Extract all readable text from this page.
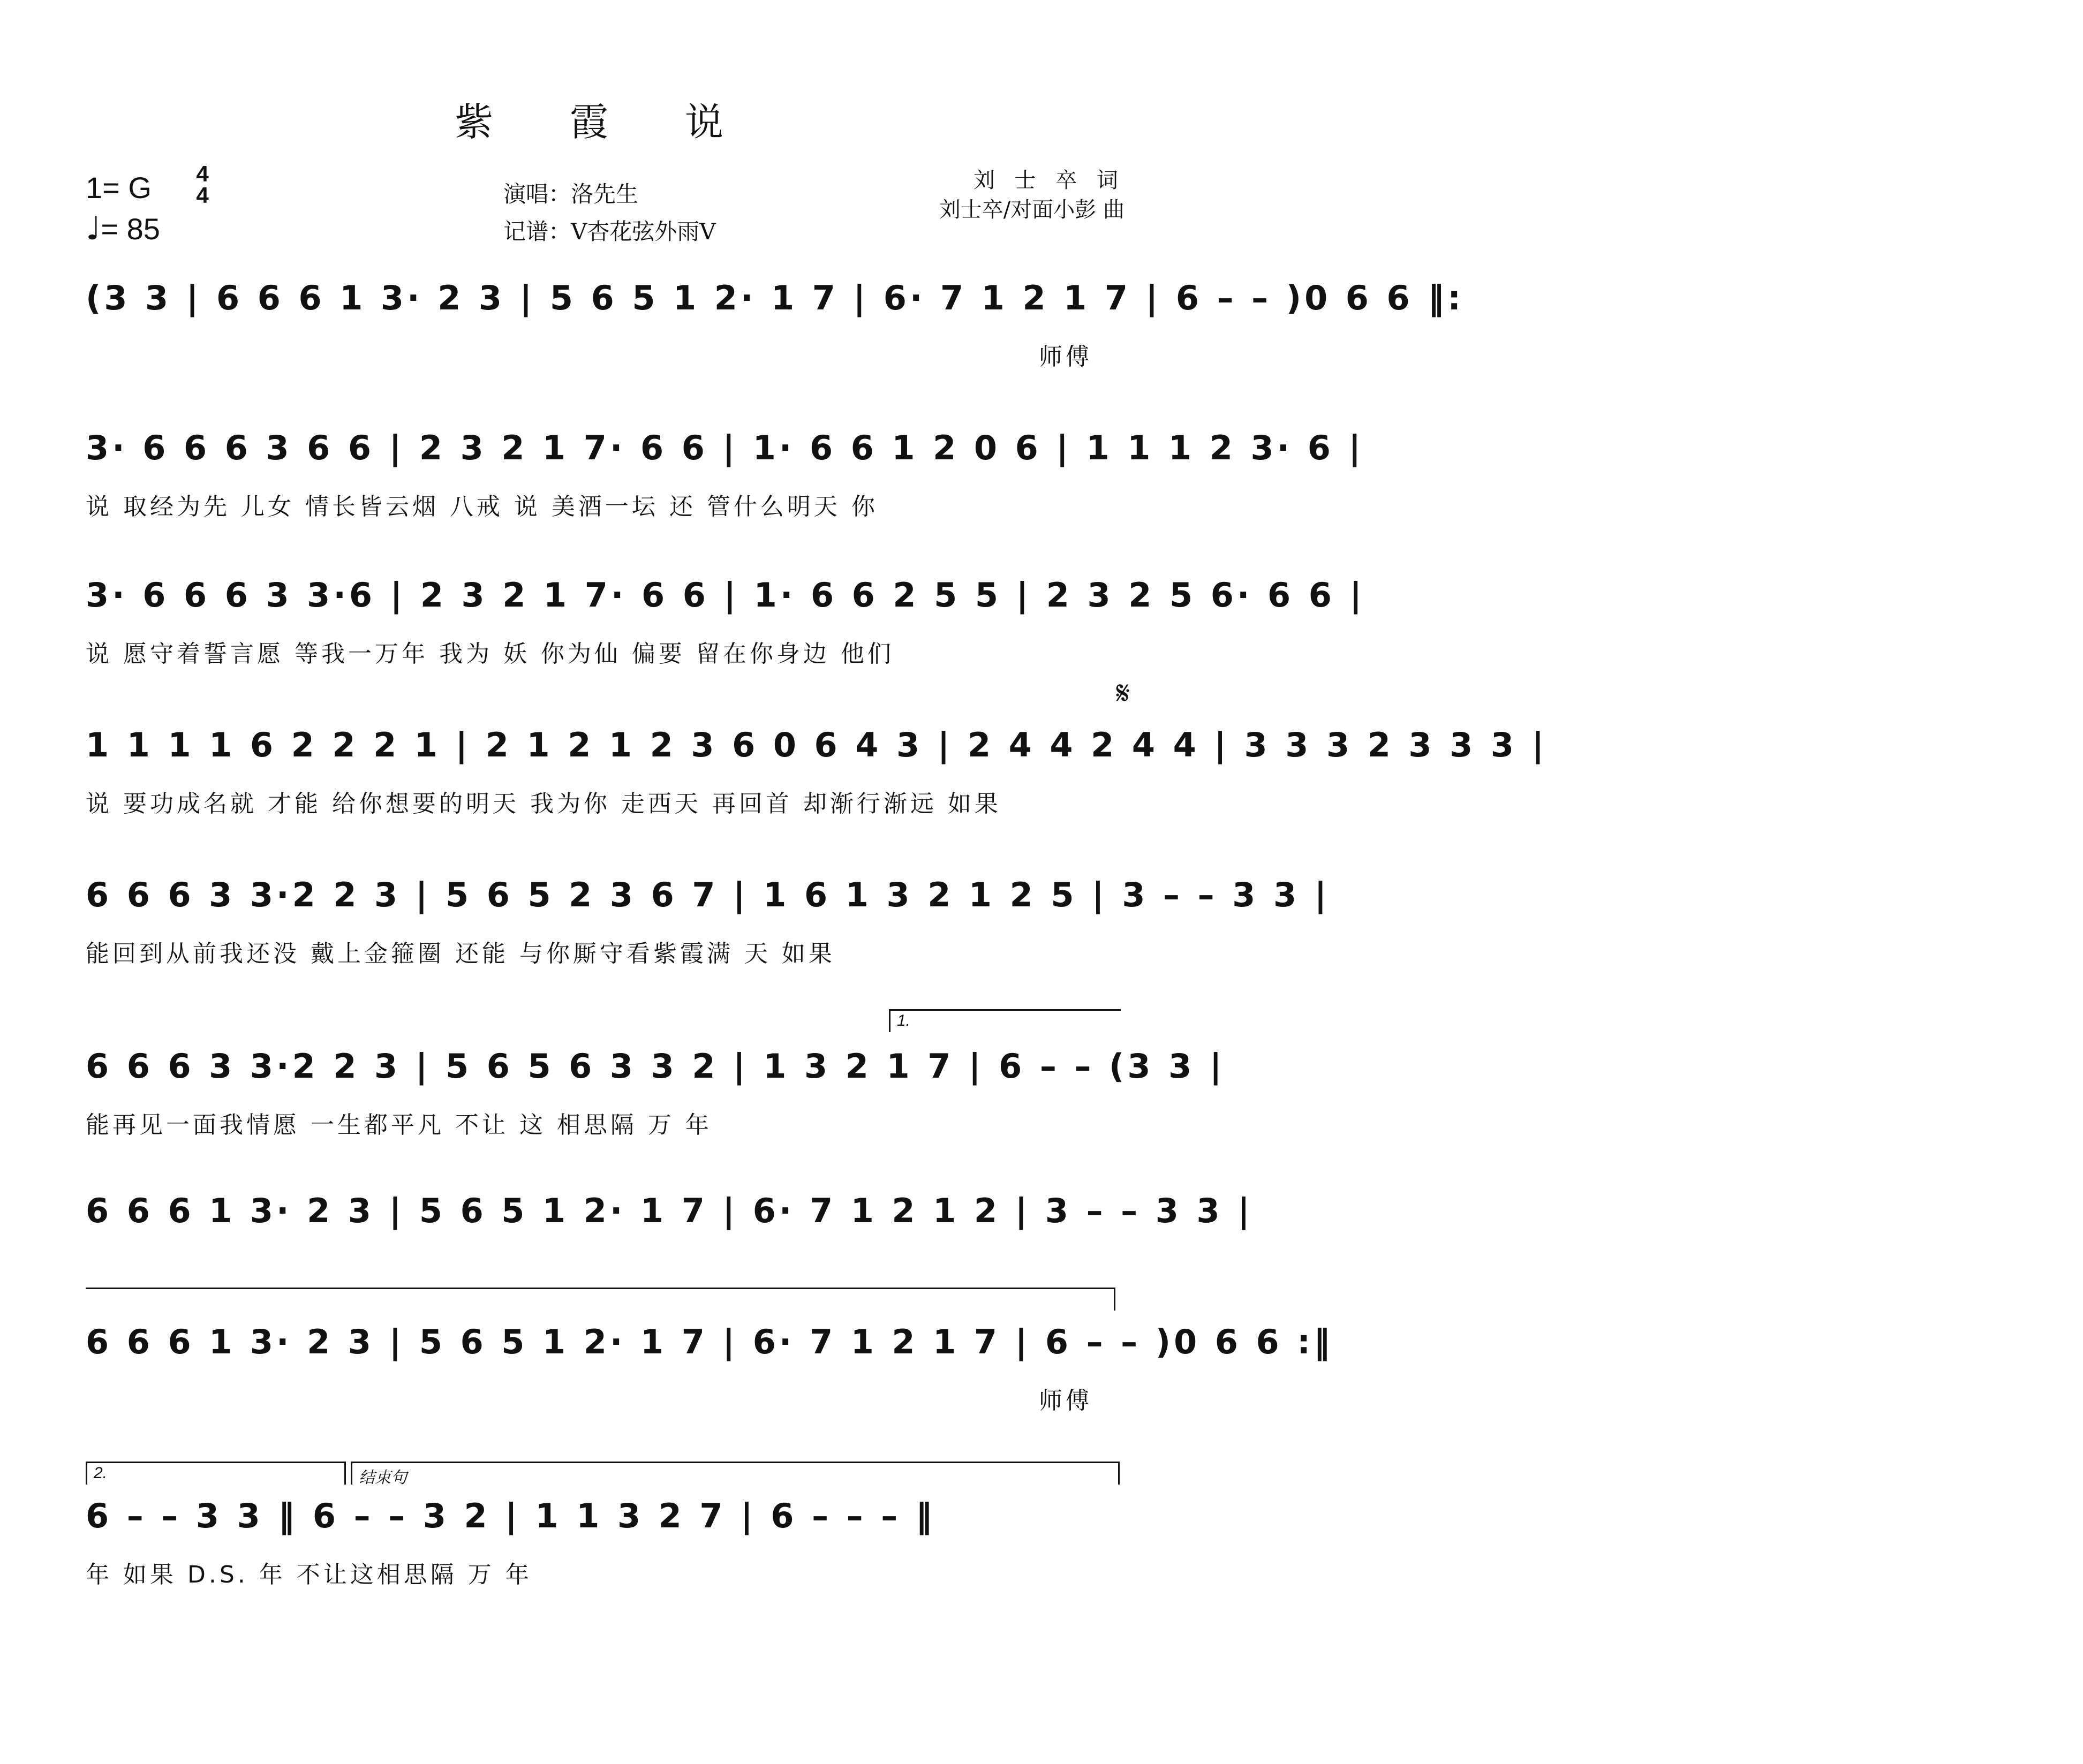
紫 霞 说
1= G 4
4
♩= 85
演唱：洛先生
记谱：V杏花弦外雨V
刘 士 卒 词
刘士卒/对面小彭 曲
(3 3 | 6 6 6 1 3· 2 3 | 5 6 5 1 2· 1 7 | 6· 7 1 2 1 7 | 6 – – )0 6 6 ‖:
师傅
3· 6 6 6 3 6 6 | 2 3 2 1 7· 6 6 | 1· 6 6 1 2 0 6 | 1 1 1 2 3· 6 |
说 取经为先 儿女 情长皆云烟 八戒 说 美酒一坛 还 管什么明天 你
3· 6 6 6 3 3·6 | 2 3 2 1 7· 6 6 | 1· 6 6 2 5 5 | 2 3 2 5 6· 6 6 |
说 愿守着誓言愿 等我一万年 我为 妖 你为仙 偏要 留在你身边 他们
𝄋
1 1 1 1 6 2 2 2 1 | 2 1 2 1 2 3 6 0 6 4 3 | 2 4 4 2 4 4 | 3 3 3 2 3 3 3 |
说 要功成名就 才能 给你想要的明天 我为你 走西天 再回首 却渐行渐远 如果
6 6 6 3 3·2 2 3 | 5 6 5 2 3 6 7 | 1 6 1 3 2 1 2 5 | 3 – – 3 3 |
能回到从前我还没 戴上金箍圈 还能 与你厮守看紫霞满 天 如果
1.
6 6 6 3 3·2 2 3 | 5 6 5 6 3 3 2 | 1 3 2 1 7 | 6 – – (3 3 |
能再见一面我情愿 一生都平凡 不让 这 相思隔 万 年
6 6 6 1 3· 2 3 | 5 6 5 1 2· 1 7 | 6· 7 1 2 1 2 | 3 – – 3 3 |
6 6 6 1 3· 2 3 | 5 6 5 1 2· 1 7 | 6· 7 1 2 1 7 | 6 – – )0 6 6 :‖
师傅
2.	结束句
6 – – 3 3 ‖ 6 – – 3 2 | 1 1 3 2 7 | 6 – – – ‖
年 如果 D.S. 年 不让这相思隔 万 年
